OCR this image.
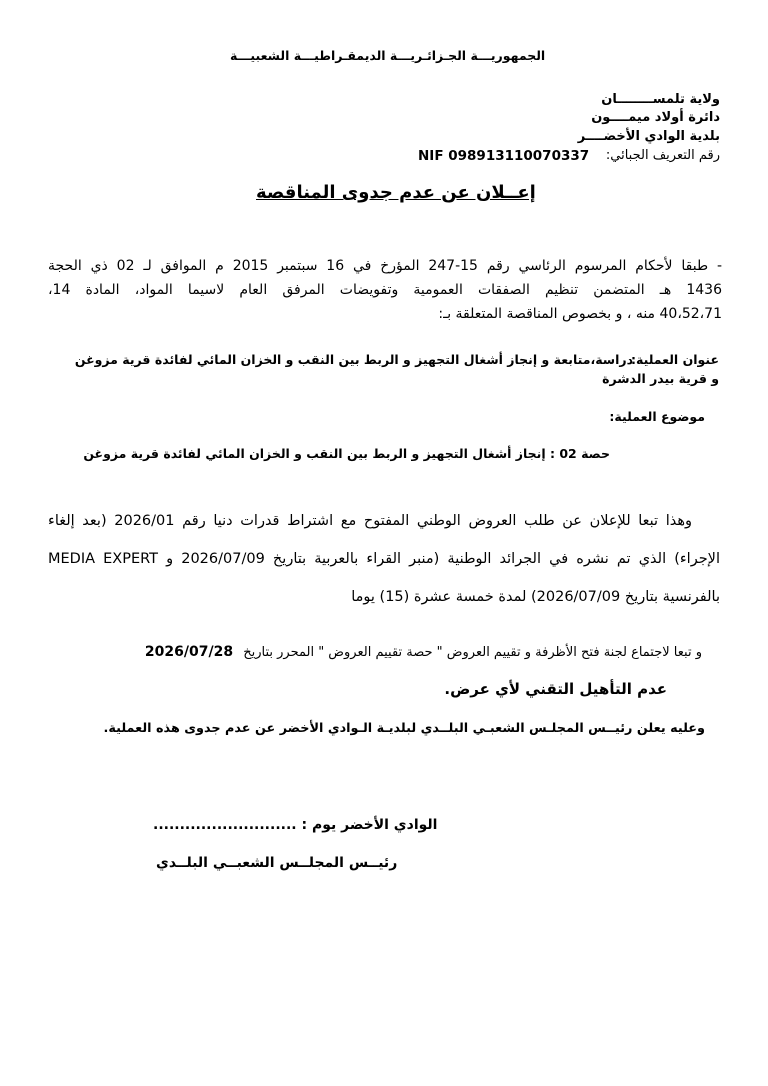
الجمهوريـــة الجـزائـريـــة الديمقـراطيـــة الشعبيـــة
ولاية تلمســــــــان
دائرة أولاد ميمــــون
بلدية الوادي الأخضــــر
رقم التعريف الجبائي:
NIF 098913110070337
إعــلان عن عدم جدوى المناقصة
- طبقا لأحكام المرسوم الرئاسي رقم 15-247 المؤرخ في 16 سبتمبر 2015 م الموافق لـ 02 ذي الحجة
1436 هـ المتضمن تنظيم الصفقات العمومية وتفويضات المرفق العام لاسيما المواد، المادة 14،
40،52،71 منه ، و بخصوص المناقصة المتعلقة بـ:
عنوان العملية:
دراسة،متابعة و إنجاز أشغال التجهيز و الربط بين النقب و الخزان المائي لفائدة قرية مزوغن
و قرية بيدر الدشرة
موضوع العملية:
حصة 02 : إنجاز أشغال التجهيز و الربط بين النقب و الخزان المائي لفائدة قرية مزوغن
وهذا تبعا للإعلان عن طلب العروض الوطني المفتوح مع اشتراط قدرات دنيا رقم 2026/01 (بعد إلغاء
الإجراء) الذي تم نشره في الجرائد الوطنية (منبر القراء بالعربية بتاريخ 2026/07/09 و MEDIA EXPERT
بالفرنسية بتاريخ 2026/07/09) لمدة خمسة عشرة (15) يوما
و تبعا لاجتماع لجنة فتح الأظرفة و تقييم العروض " حصة تقييم العروض " المحرر بتاريخ 2026/07/28
عدم التأهيل التقني لأي عرض.
وعليه يعلن رئيــس المجلـس الشعبـي البلــدي لبلديـة الـوادي الأخضر عن عدم جدوى هذه العملية.
الوادي الأخضر يوم : ...........................
رئيــس المجلــس الشعبــي البلــدي
